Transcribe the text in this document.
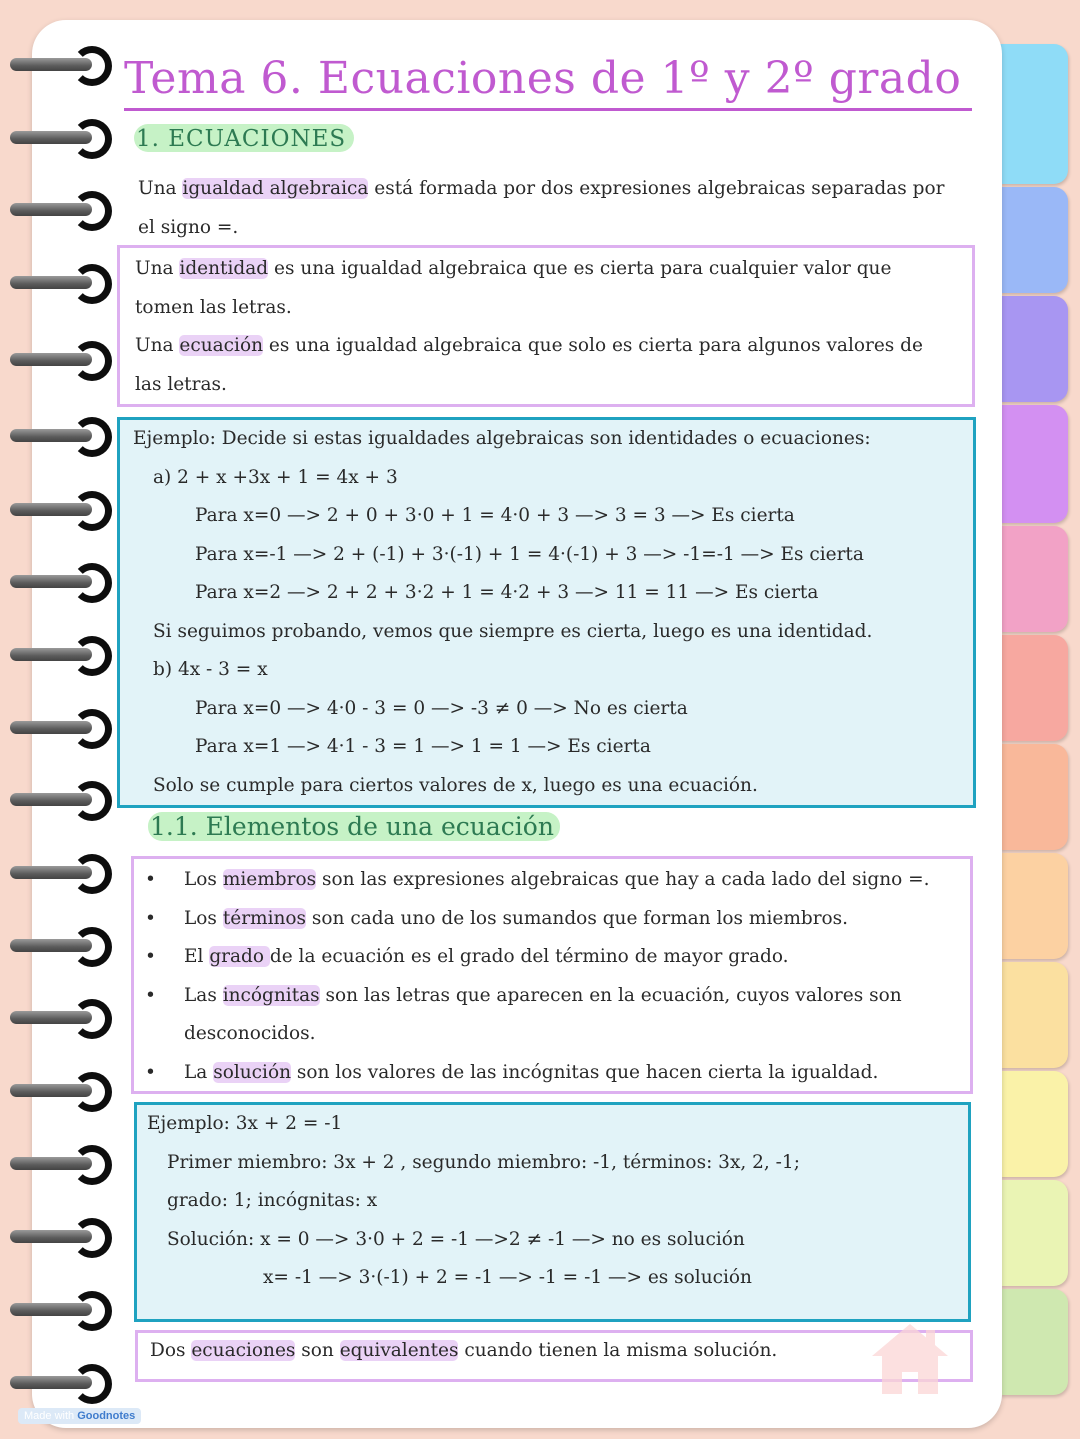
Tema 6. Ecuaciones de 1º y 2º grado
1. ECUACIONES
Una igualdad algebraica está formada por dos expresiones algebraicas separadas por
el signo =.
Una identidad es una igualdad algebraica que es cierta para cualquier valor que
tomen las letras.
Una ecuación es una igualdad algebraica que solo es cierta para algunos valores de
las letras.
Ejemplo: Decide si estas igualdades algebraicas son identidades o ecuaciones:
a) 2 + x +3x + 1 = 4x + 3
Para x=0 —> 2 + 0 + 3·0 + 1 = 4·0 + 3 —> 3 = 3 —> Es cierta
Para x=-1 —> 2 + (-1) + 3·(-1) + 1 = 4·(-1) + 3 —> -1=-1 —> Es cierta
Para x=2 —> 2 + 2 + 3·2 + 1 = 4·2 + 3 —> 11 = 11 —> Es cierta
Si seguimos probando, vemos que siempre es cierta, luego es una identidad.
b) 4x - 3 = x
Para x=0 —> 4·0 - 3 = 0 —> -3 ≠ 0 —> No es cierta
Para x=1 —> 4·1 - 3 = 1 —> 1 = 1 —> Es cierta
Solo se cumple para ciertos valores de x, luego es una ecuación.
1.1. Elementos de una ecuación
• Los miembros son las expresiones algebraicas que hay a cada lado del signo =.
• Los términos son cada uno de los sumandos que forman los miembros.
• El grado de la ecuación es el grado del término de mayor grado.
• Las incógnitas son las letras que aparecen en la ecuación, cuyos valores son
desconocidos.
• La solución son los valores de las incógnitas que hacen cierta la igualdad.
Ejemplo: 3x + 2 = -1
Primer miembro: 3x + 2 , segundo miembro: -1, términos: 3x, 2, -1;
grado: 1; incógnitas: x
Solución: x = 0 —> 3·0 + 2 = -1 —>2 ≠ -1 —> no es solución
x= -1 —> 3·(-1) + 2 = -1 —> -1 = -1 —> es solución
Dos ecuaciones son equivalentes cuando tienen la misma solución.
Made with Goodnotes
